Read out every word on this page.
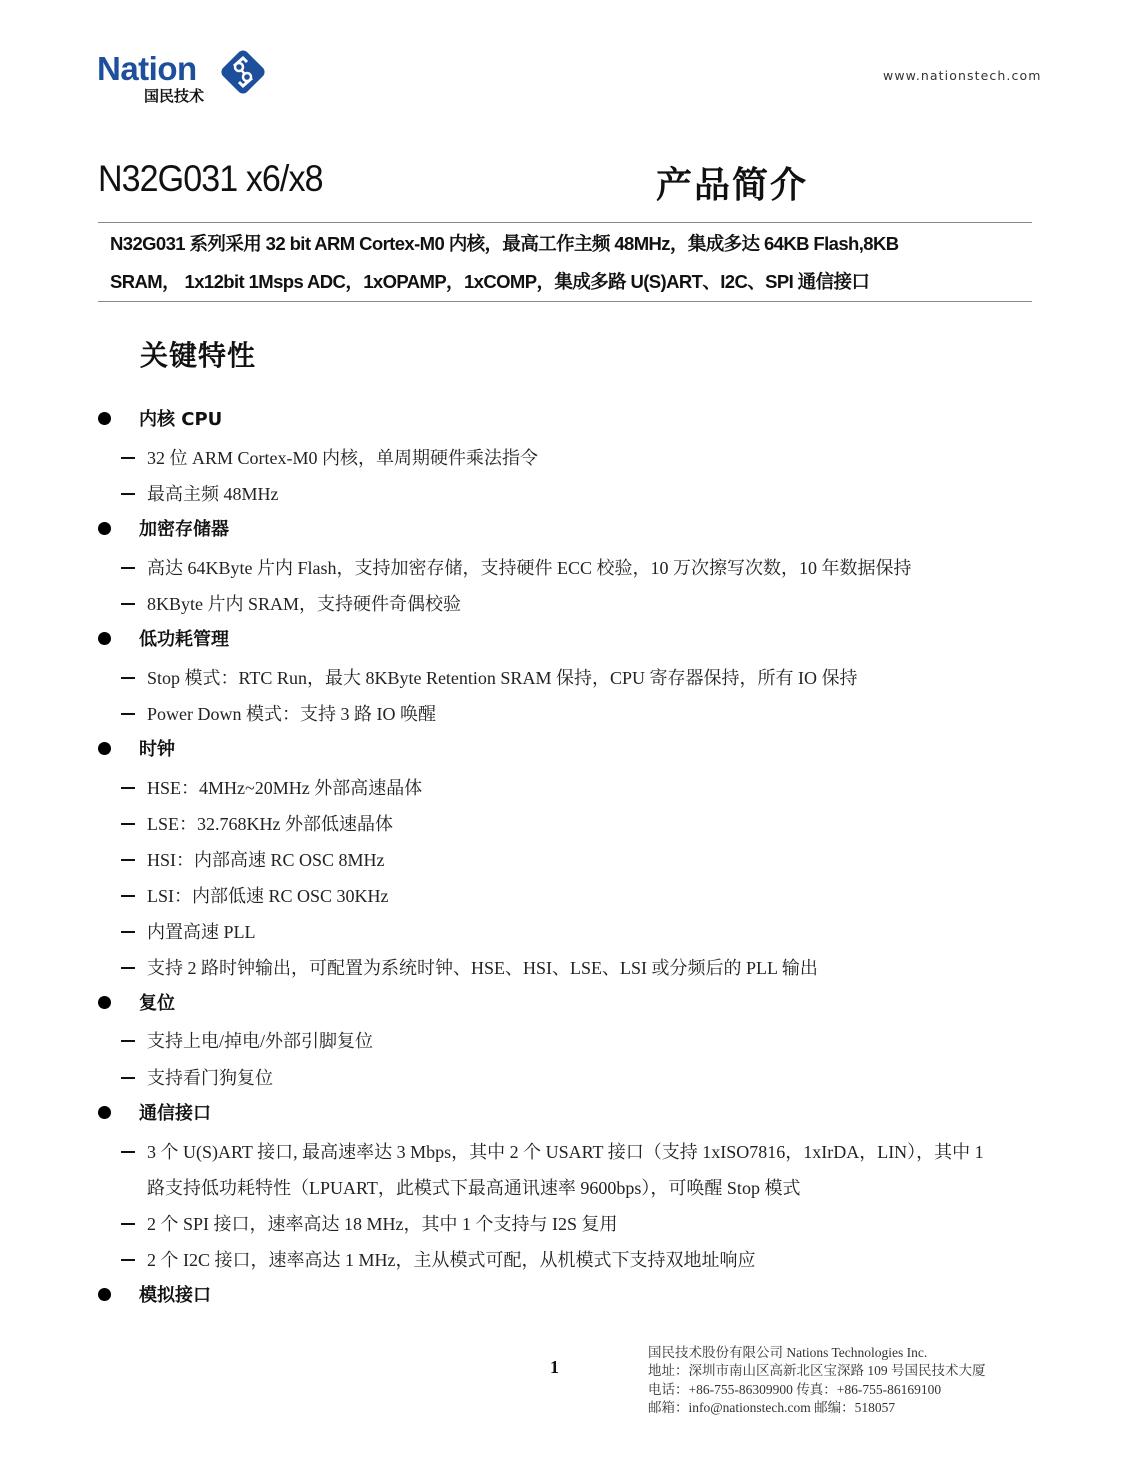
Nation
国民技术
www.nationstech.com
N32G031 x6/x8	产品简介
N32G031 系列采用 32 bit ARM Cortex-M0 内核，最高工作主频 48MHz，集成多达 64KB Flash,8KB
SRAM， 1x12bit 1Msps ADC，1xOPAMP，1xCOMP，集成多路 U(S)ART、I2C、SPI 通信接口
关键特性
内核 CPU
32 位 ARM Cortex-M0 内核，单周期硬件乘法指令
最高主频 48MHz
加密存储器
高达 64KByte 片内 Flash，支持加密存储，支持硬件 ECC 校验，10 万次擦写次数，10 年数据保持
8KByte 片内 SRAM，支持硬件奇偶校验
低功耗管理
Stop 模式：RTC Run，最大 8KByte Retention SRAM 保持，CPU 寄存器保持，所有 IO 保持
Power Down 模式：支持 3 路 IO 唤醒
时钟
HSE：4MHz~20MHz 外部高速晶体
LSE：32.768KHz 外部低速晶体
HSI：内部高速 RC OSC 8MHz
LSI：内部低速 RC OSC 30KHz
内置高速 PLL
支持 2 路时钟输出，可配置为系统时钟、HSE、HSI、LSE、LSI 或分频后的 PLL 输出
复位
支持上电/掉电/外部引脚复位
支持看门狗复位
通信接口
3 个 U(S)ART 接口, 最高速率达 3 Mbps，其中 2 个 USART 接口（支持 1xISO7816，1xIrDA，LIN），其中 1
路支持低功耗特性（LPUART，此模式下最高通讯速率 9600bps），可唤醒 Stop 模式
2 个 SPI 接口，速率高达 18 MHz，其中 1 个支持与 I2S 复用
2 个 I2C 接口，速率高达 1 MHz，主从模式可配，从机模式下支持双地址响应
模拟接口
1
国民技术股份有限公司 Nations Technologies Inc.
地址：深圳市南山区高新北区宝深路 109 号国民技术大厦
电话：+86-755-86309900 传真：+86-755-86169100
邮箱：info@nationstech.com 邮编：518057
